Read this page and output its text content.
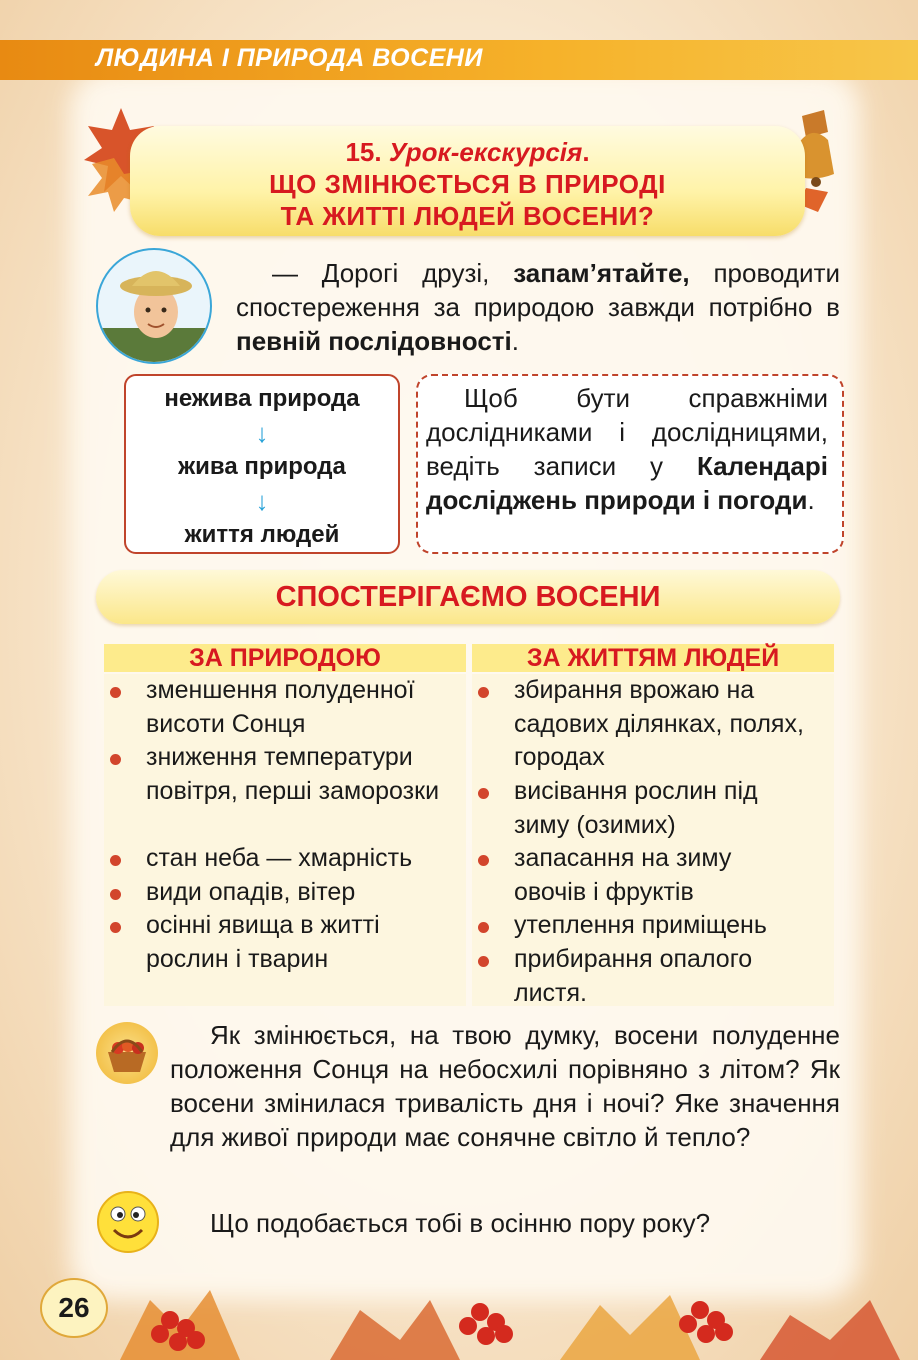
ЛЮДИНА І ПРИРОДА ВОСЕНИ
15. Урок-екскурсія.
ЩО ЗМІНЮЄТЬСЯ В ПРИРОДІ
ТА ЖИТТІ ЛЮДЕЙ ВОСЕНИ?
— Дорогі друзі, запам’ятайте, проводити спостереження за природою завжди потрібно в певній послідовності.
нежива природа
↓
жива природа
↓
життя людей
Щоб бути справжніми дослідниками і дослідницями, ведіть записи у Календарі досліджень природи і погоди.
СПОСТЕРІГАЄМО ВОСЕНИ
ЗА ПРИРОДОЮ	ЗА ЖИТТЯМ ЛЮДЕЙ
зменшення полуденної висоти Сонця
зниження температури повітря, перші заморозки
стан неба — хмарність
види опадів, вітер
осінні явища в житті рослин і тварин
збирання врожаю на садових ділянках, полях, городах
висівання рослин під зиму (озимих)
запасання на зиму овочів і фруктів
утеплення приміщень
прибирання опалого листя.
Як змінюється, на твою думку, восени полуденне положення Сонця на небосхилі порівняно з літом? Як восени змінилася тривалість дня і ночі? Яке значення для живої природи має сонячне світло й тепло?
Що подобається тобі в осінню пору року?
26
